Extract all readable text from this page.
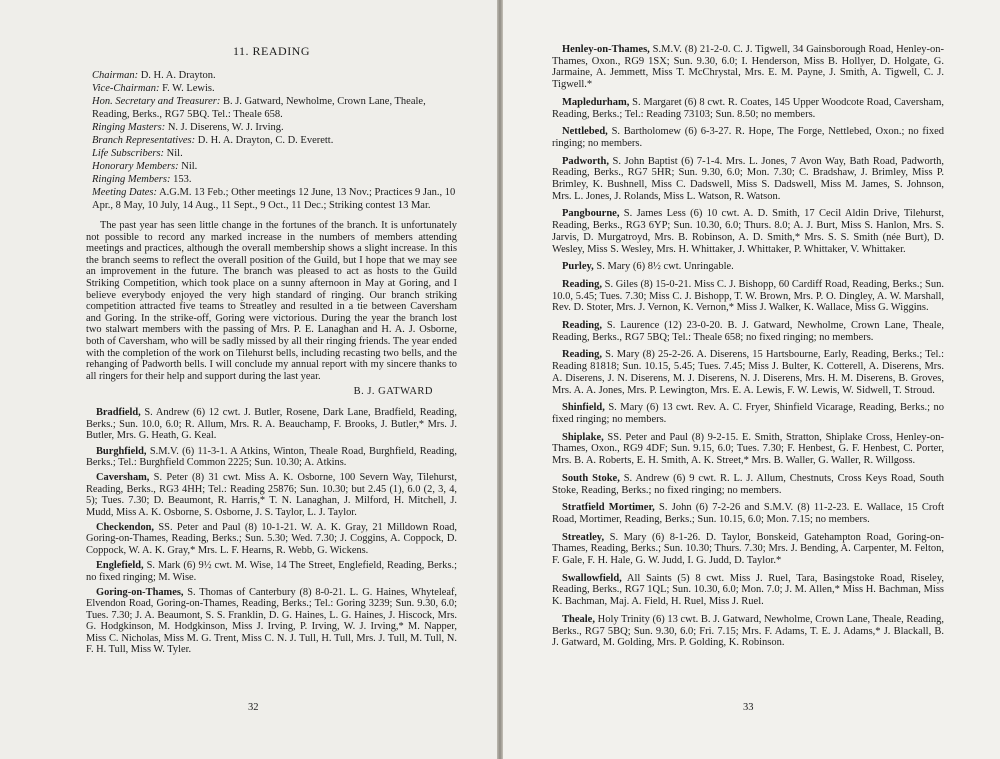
11. READING

Chairman: D. H. A. Drayton.

Vice-Chairman: F. W. Lewis.

Hon. Secretary and Treasurer: B. J. Gatward, Newholme, Crown Lane, Theale, Reading, Berks., RG7 5BQ. Tel.: Theale 658.

Ringing Masters: N. J. Diserens, W. J. Irving.

Branch Representatives: D. H. A. Drayton, C. D. Everett.

Life Subscribers: Nil.

Honorary Members: Nil.

Ringing Members: 153.

Meeting Dates: A.G.M. 13 Feb.; Other meetings 12 June, 13 Nov.; Practices 9 Jan., 10 Apr., 8 May, 10 July, 14 Aug., 11 Sept., 9 Oct., 11 Dec.; Striking contest 13 Mar.

The past year has seen little change in the fortunes of the branch. It is unfortunately not possible to record any marked increase in the numbers of members attending meetings and practices, although the overall membership shows a slight increase. In this the branch seems to reflect the overall position of the Guild, but I hope that we may see an improvement in the future. The branch was pleased to act as hosts to the Guild Striking Competition, which took place on a sunny afternoon in May at Goring, and I believe everybody enjoyed the very high standard of ringing. Our branch striking competition attracted five teams to Streatley and resulted in a tie between Caversham and Goring. In the strike-off, Goring were victorious. During the year the branch lost two stalwart members with the passing of Mrs. P. E. Lanaghan and H. A. J. Osborne, both of Caversham, who will be sadly missed by all their ringing friends. The year ended with the completion of the work on Tilehurst bells, including recasting two bells, and the rehanging of Padworth bells. I will conclude my annual report with my sincere thanks to all ringers for their help and support during the last year.

B. J. GATWARD

Bradfield, S. Andrew (6) 12 cwt. J. Butler, Rosene, Dark Lane, Bradfield, Reading, Berks.; Sun. 10.0, 6.0; R. Allum, Mrs. R. A. Beauchamp, F. Brooks, J. Butler,* Mrs. J. Butler, Mrs. G. Heath, G. Keal.

Burghfield, S.M.V. (6) 11-3-1. A Atkins, Winton, Theale Road, Burghfield, Reading, Berks.; Tel.: Burghfield Common 2225; Sun. 10.30; A. Atkins.

Caversham, S. Peter (8) 31 cwt. Miss A. K. Osborne, 100 Severn Way, Tilehurst, Reading, Berks., RG3 4HH; Tel.: Reading 25876; Sun. 10.30; but 2.45 (1), 6.0 (2, 3, 4, 5); Tues. 7.30; D. Beaumont, R. Harris,* T. N. Lanaghan, J. Milford, H. Mitchell, J. Mudd, Miss A. K. Osborne, S. Osborne, J. S. Taylor, L. J. Taylor.

Checkendon, SS. Peter and Paul (8) 10-1-21. W. A. K. Gray, 21 Milldown Road, Goring-on-Thames, Reading, Berks.; Sun. 5.30; Wed. 7.30; J. Coggins, A. Coppock, D. Coppock, W. A. K. Gray,* Mrs. L. F. Hearns, R. Webb, G. Wickens.

Englefield, S. Mark (6) 9½ cwt. M. Wise, 14 The Street, Englefield, Reading, Berks.; no fixed ringing; M. Wise.

Goring-on-Thames, S. Thomas of Canterbury (8) 8-0-21. L. G. Haines, Whyteleaf, Elvendon Road, Goring-on-Thames, Reading, Berks.; Tel.: Goring 3239; Sun. 9.30, 6.0; Tues. 7.30; J. A. Beaumont, S. S. Franklin, D. G. Haines, L. G. Haines, J. Hiscock, Mrs. G. Hodgkinson, M. Hodgkinson, Miss J. Irving, P. Irving, W. J. Irving,* M. Napper, Miss C. Nicholas, Miss M. G. Trent, Miss C. N. J. Tull, H. Tull, Mrs. J. Tull, M. Tull, N. F. H. Tull, Miss W. Tyler.

32

Henley-on-Thames, S.M.V. (8) 21-2-0. C. J. Tigwell, 34 Gainsborough Road, Henley-on-Thames, Oxon., RG9 1SX; Sun. 9.30, 6.0; I. Henderson, Miss B. Hollyer, D. Holgate, G. Jarmaine, A. Jemmett, Miss T. McChrystal, Mrs. E. M. Payne, J. Smith, A. Tigwell, C. J. Tigwell.*

Mapledurham, S. Margaret (6) 8 cwt. R. Coates, 145 Upper Woodcote Road, Caversham, Reading, Berks.; Tel.: Reading 73103; Sun. 8.50; no members.

Nettlebed, S. Bartholomew (6) 6-3-27. R. Hope, The Forge, Nettlebed, Oxon.; no fixed ringing; no members.

Padworth, S. John Baptist (6) 7-1-4. Mrs. L. Jones, 7 Avon Way, Bath Road, Padworth, Reading, Berks., RG7 5HR; Sun. 9.30, 6.0; Mon. 7.30; C. Bradshaw, J. Brimley, Miss P. Brimley, K. Bushnell, Miss C. Dadswell, Miss S. Dadswell, Miss M. James, S. Johnson, Mrs. L. Jones, J. Rolands, Miss L. Watson, R. Watson.

Pangbourne, S. James Less (6) 10 cwt. A. D. Smith, 17 Cecil Aldin Drive, Tilehurst, Reading, Berks., RG3 6YP; Sun. 10.30, 6.0; Thurs. 8.0; A. J. Burt, Miss S. Hanlon, Mrs. S. Jarvis, D. Murgatroyd, Mrs. B. Robinson, A. D. Smith,* Mrs. S. S. Smith (née Burt), D. Wesley, Miss S. Wesley, Mrs. H. Whittaker, J. Whittaker, P. Whittaker, V. Whittaker.

Purley, S. Mary (6) 8½ cwt. Unringable.

Reading, S. Giles (8) 15-0-21. Miss C. J. Bishopp, 60 Cardiff Road, Reading, Berks.; Sun. 10.0, 5.45; Tues. 7.30; Miss C. J. Bishopp, T. W. Brown, Mrs. P. O. Dingley, A. W. Marshall, Rev. D. Stoter, Mrs. J. Vernon, K. Vernon,* Miss J. Walker, K. Wallace, Miss G. Wiggins.

Reading, S. Laurence (12) 23-0-20. B. J. Gatward, Newholme, Crown Lane, Theale, Reading, Berks., RG7 5BQ; Tel.: Theale 658; no fixed ringing; no members.

Reading, S. Mary (8) 25-2-26. A. Diserens, 15 Hartsbourne, Early, Reading, Berks.; Tel.: Reading 81818; Sun. 10.15, 5.45; Tues. 7.45; Miss J. Bulter, K. Cotterell, A. Diserens, Mrs. A. Diserens, J. N. Diserens, M. J. Diserens, N. J. Diserens, Mrs. H. M. Diserens, B. Groves, Mrs. A. A. Jones, Mrs. P. Lewington, Mrs. E. A. Lewis, F. W. Lewis, W. Sidwell, T. Stroud.

Shinfield, S. Mary (6) 13 cwt. Rev. A. C. Fryer, Shinfield Vicarage, Reading, Berks.; no fixed ringing; no members.

Shiplake, SS. Peter and Paul (8) 9-2-15. E. Smith, Stratton, Shiplake Cross, Henley-on-Thames, Oxon., RG9 4DF; Sun. 9.15, 6.0; Tues. 7.30; F. Henbest, G. F. Henbest, C. Porter, Mrs. B. A. Roberts, E. H. Smith, A. K. Street,* Mrs. B. Waller, G. Waller, R. Willgoss.

South Stoke, S. Andrew (6) 9 cwt. R. L. J. Allum, Chestnuts, Cross Keys Road, South Stoke, Reading, Berks.; no fixed ringing; no members.

Stratfield Mortimer, S. John (6) 7-2-26 and S.M.V. (8) 11-2-23. E. Wallace, 15 Croft Road, Mortimer, Reading, Berks.; Sun. 10.15, 6.0; Mon. 7.15; no members.

Streatley, S. Mary (6) 8-1-26. D. Taylor, Bonskeid, Gatehampton Road, Goring-on-Thames, Reading, Berks.; Sun. 10.30; Thurs. 7.30; Mrs. J. Bending, A. Carpenter, M. Felton, F. Gale, F. H. Hale, G. W. Judd, I. G. Judd, D. Taylor.*

Swallowfield, All Saints (5) 8 cwt. Miss J. Ruel, Tara, Basingstoke Road, Riseley, Reading, Berks., RG7 1QL; Sun. 10.30, 6.0; Mon. 7.0; J. M. Allen,* Miss H. Bachman, Miss K. Bachman, Maj. A. Field, H. Ruel, Miss J. Ruel.

Theale, Holy Trinity (6) 13 cwt. B. J. Gatward, Newholme, Crown Lane, Theale, Reading, Berks., RG7 5BQ; Sun. 9.30, 6.0; Fri. 7.15; Mrs. F. Adams, T. E. J. Adams,* J. Blackall, B. J. Gatward, M. Golding, Mrs. P. Golding, K. Robinson.

33
